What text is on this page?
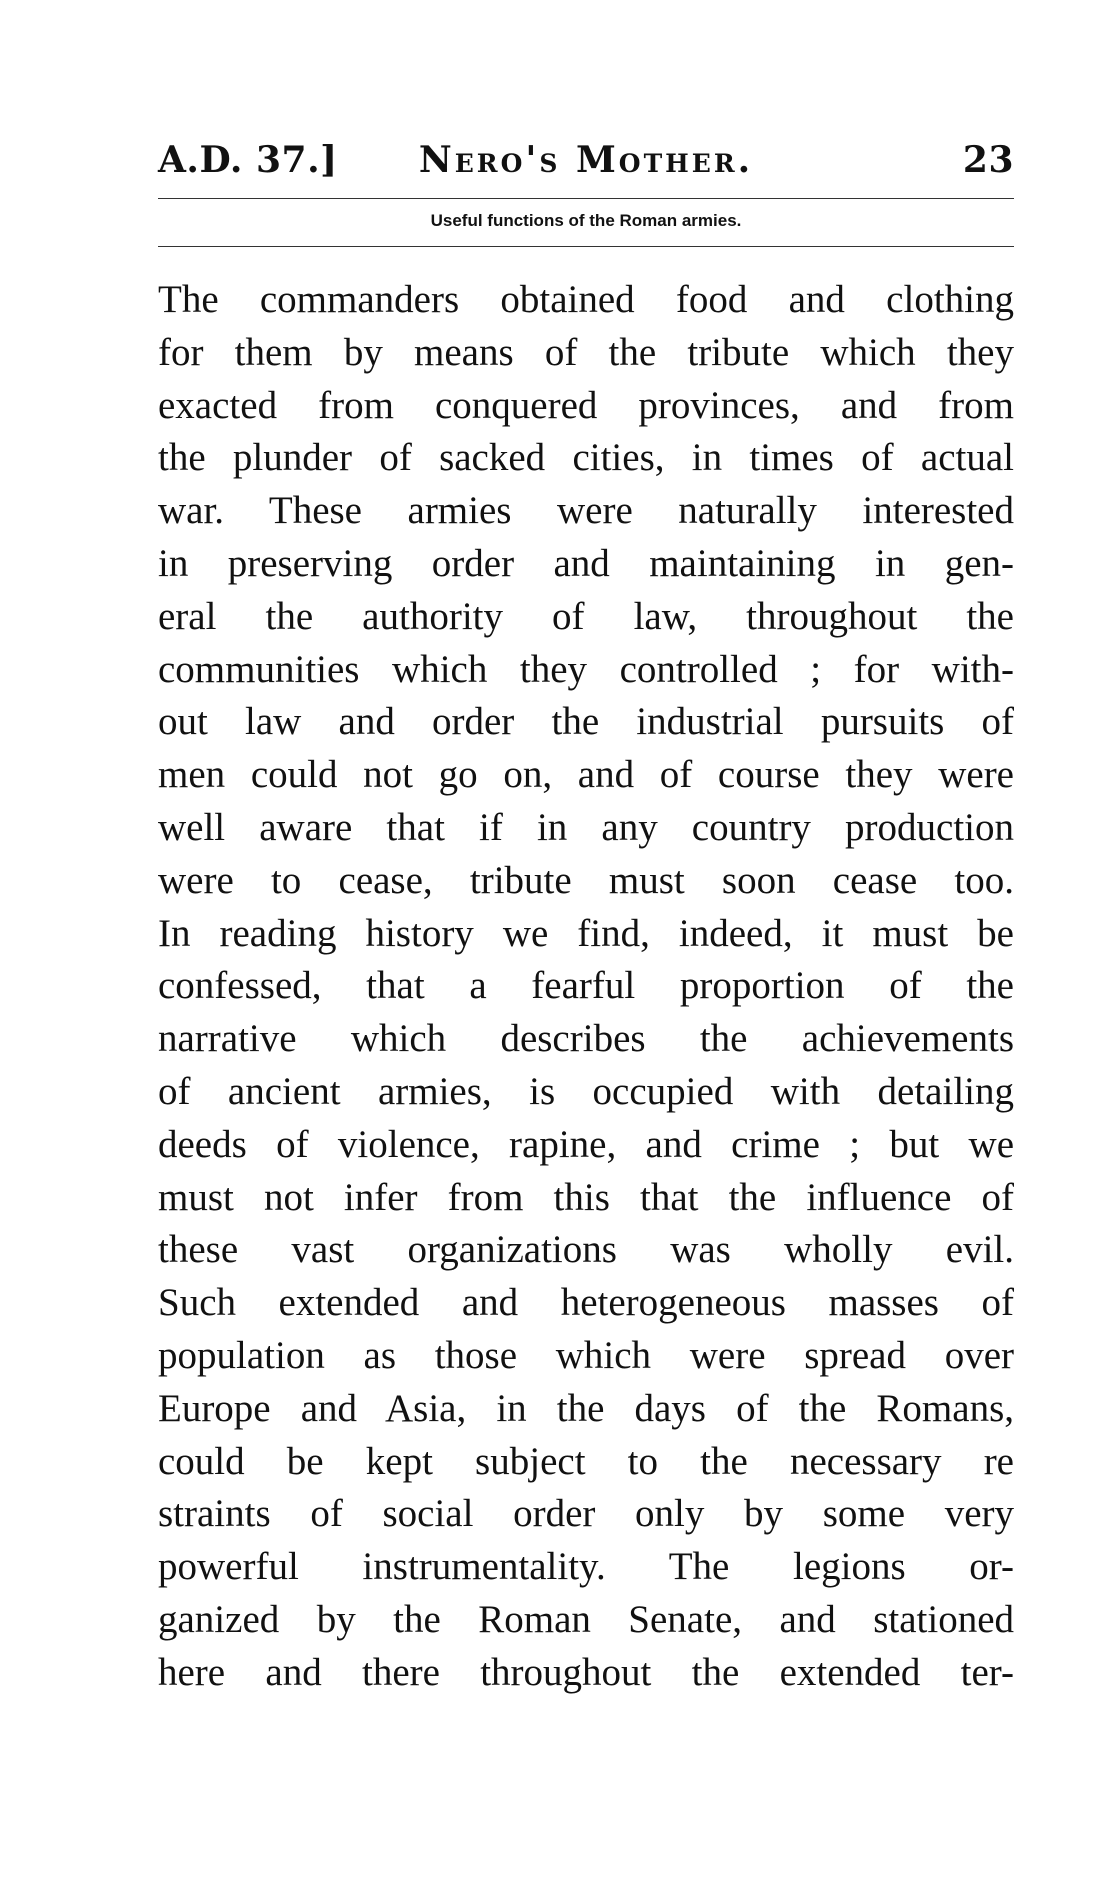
A.D. 37.]	Nero's Mother.	23
Useful functions of the Roman armies.
The commanders obtained food and clothing
for them by means of the tribute which they
exacted from conquered provinces, and from
the plunder of sacked cities, in times of actual
war. These armies were naturally interested
in preserving order and maintaining in gen-
eral the authority of law, throughout the
communities which they controlled ; for with-
out law and order the industrial pursuits of
men could not go on, and of course they were
well aware that if in any country production
were to cease, tribute must soon cease too.
In reading history we find, indeed, it must be
confessed, that a fearful proportion of the
narrative which describes the achievements
of ancient armies, is occupied with detailing
deeds of violence, rapine, and crime ; but we
must not infer from this that the influence of
these vast organizations was wholly evil.
Such extended and heterogeneous masses of
population as those which were spread over
Europe and Asia, in the days of the Romans,
could be kept subject to the necessary re
straints of social order only by some very
powerful instrumentality. The legions or-
ganized by the Roman Senate, and stationed
here and there throughout the extended ter-
